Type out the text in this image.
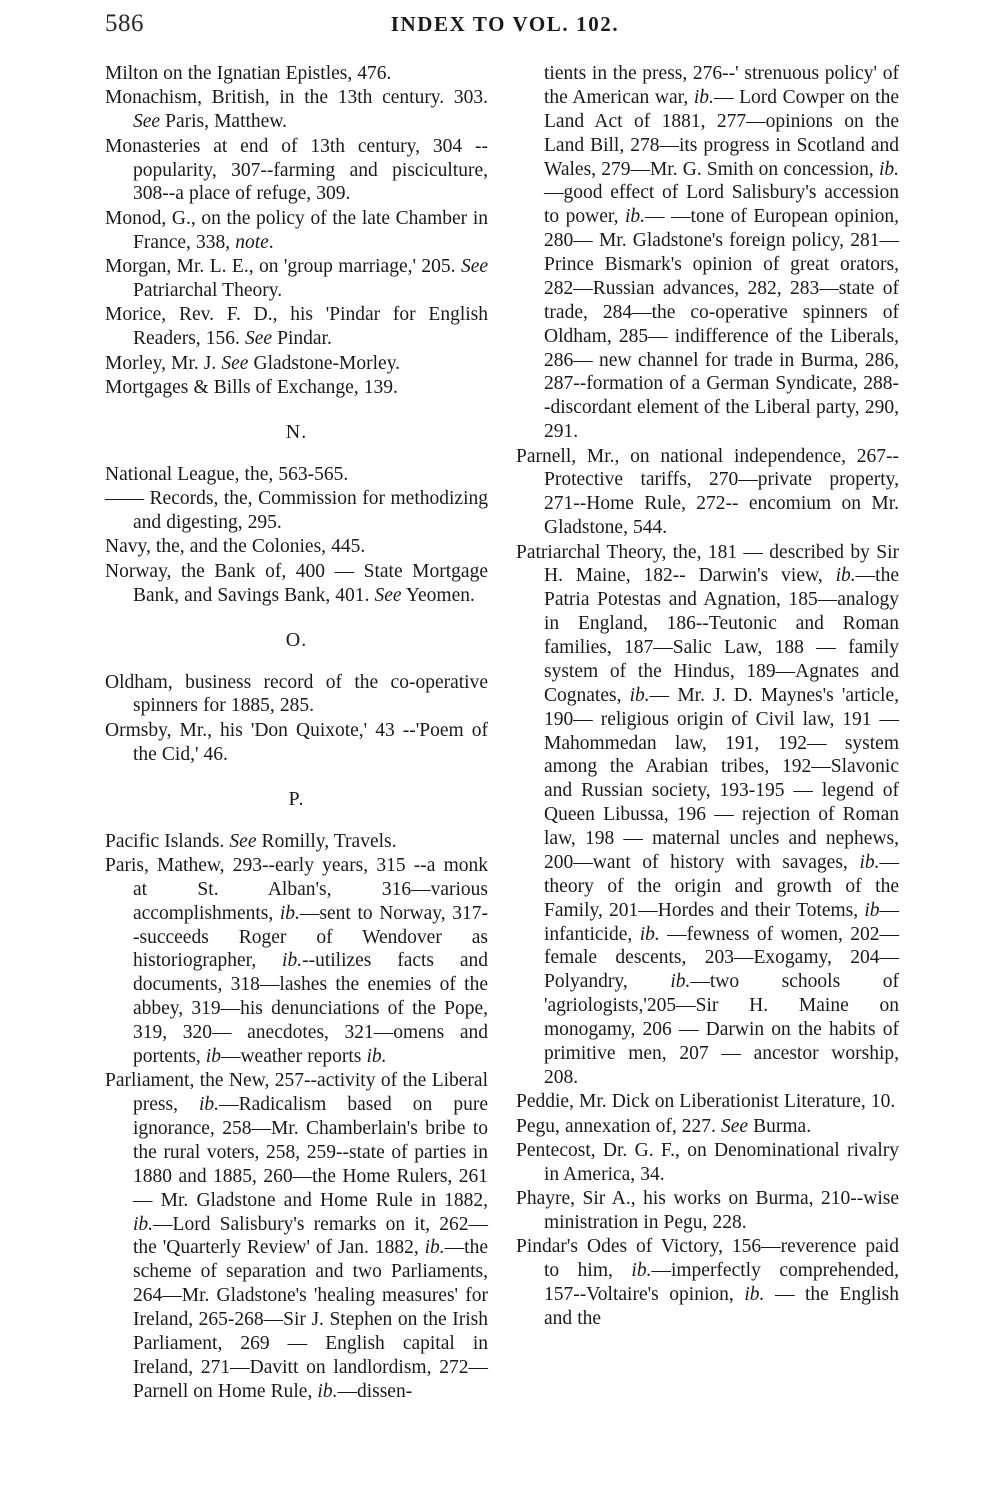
586	INDEX TO VOL. 102.

Milton on the Ignatian Epistles, 476.

Monachism, British, in the 13th century. 303. See Paris, Matthew.

Monasteries at end of 13th century, 304 --popularity, 307--farming and pisciculture, 308--a place of refuge, 309.

Monod, G., on the policy of the late Chamber in France, 338, note.

Morgan, Mr. L. E., on 'group marriage,' 205. See Patriarchal Theory.

Morice, Rev. F. D., his 'Pindar for English Readers, 156. See Pindar.

Morley, Mr. J. See Gladstone-Morley.

Mortgages & Bills of Exchange, 139.

N.

National League, the, 563-565.

—— Records, the, Commission for methodizing and digesting, 295.

Navy, the, and the Colonies, 445.

Norway, the Bank of, 400 — State Mortgage Bank, and Savings Bank, 401. See Yeomen.

O.

Oldham, business record of the co-operative spinners for 1885, 285.

Ormsby, Mr., his 'Don Quixote,' 43 --'Poem of the Cid,' 46.

P.

Pacific Islands. See Romilly, Travels.

Paris, Mathew, 293--early years, 315 --a monk at St. Alban's, 316—various accomplishments, ib.—sent to Norway, 317--succeeds Roger of Wendover as historiographer, ib.--utilizes facts and documents, 318—lashes the enemies of the abbey, 319—his denunciations of the Pope, 319, 320— anecdotes, 321—omens and portents, ib—weather reports ib.

Parliament, the New, 257--activity of the Liberal press, ib.—Radicalism based on pure ignorance, 258—Mr. Chamberlain's bribe to the rural voters, 258, 259--state of parties in 1880 and 1885, 260—the Home Rulers, 261 — Mr. Gladstone and Home Rule in 1882, ib.—Lord Salisbury's remarks on it, 262—the 'Quarterly Review' of Jan. 1882, ib.—the scheme of separation and two Parliaments, 264—Mr. Gladstone's 'healing measures' for Ireland, 265-268—Sir J. Stephen on the Irish Parliament, 269 — English capital in Ireland, 271—Davitt on landlordism, 272— Parnell on Home Rule, ib.—dissen-

tients in the press, 276--' strenuous policy' of the American war, ib.— Lord Cowper on the Land Act of 1881, 277—opinions on the Land Bill, 278—its progress in Scotland and Wales, 279—Mr. G. Smith on concession, ib.—good effect of Lord Salisbury's accession to power, ib.— —tone of European opinion, 280— Mr. Gladstone's foreign policy, 281— Prince Bismark's opinion of great orators, 282—Russian advances, 282, 283—state of trade, 284—the co-operative spinners of Oldham, 285— indifference of the Liberals, 286— new channel for trade in Burma, 286, 287--formation of a German Syndicate, 288--discordant element of the Liberal party, 290, 291.

Parnell, Mr., on national independence, 267--Protective tariffs, 270—private property, 271--Home Rule, 272-- encomium on Mr. Gladstone, 544.

Patriarchal Theory, the, 181 — described by Sir H. Maine, 182-- Darwin's view, ib.—the Patria Potestas and Agnation, 185—analogy in England, 186--Teutonic and Roman families, 187—Salic Law, 188 — family system of the Hindus, 189—Agnates and Cognates, ib.— Mr. J. D. Maynes's 'article, 190— religious origin of Civil law, 191 —Mahommedan law, 191, 192— system among the Arabian tribes, 192—Slavonic and Russian society, 193-195 — legend of Queen Libussa, 196 — rejection of Roman law, 198 — maternal uncles and nephews, 200—want of history with savages, ib.—theory of the origin and growth of the Family, 201—Hordes and their Totems, ib—infanticide, ib. —fewness of women, 202—female descents, 203—Exogamy, 204—Polyandry, ib.—two schools of 'agriologists,'205—Sir H. Maine on monogamy, 206 — Darwin on the habits of primitive men, 207 — ancestor worship, 208.

Peddie, Mr. Dick on Liberationist Literature, 10.

Pegu, annexation of, 227. See Burma.

Pentecost, Dr. G. F., on Denominational rivalry in America, 34.

Phayre, Sir A., his works on Burma, 210--wise ministration in Pegu, 228.

Pindar's Odes of Victory, 156—reverence paid to him, ib.—imperfectly comprehended, 157--Voltaire's opinion, ib. — the English and the
